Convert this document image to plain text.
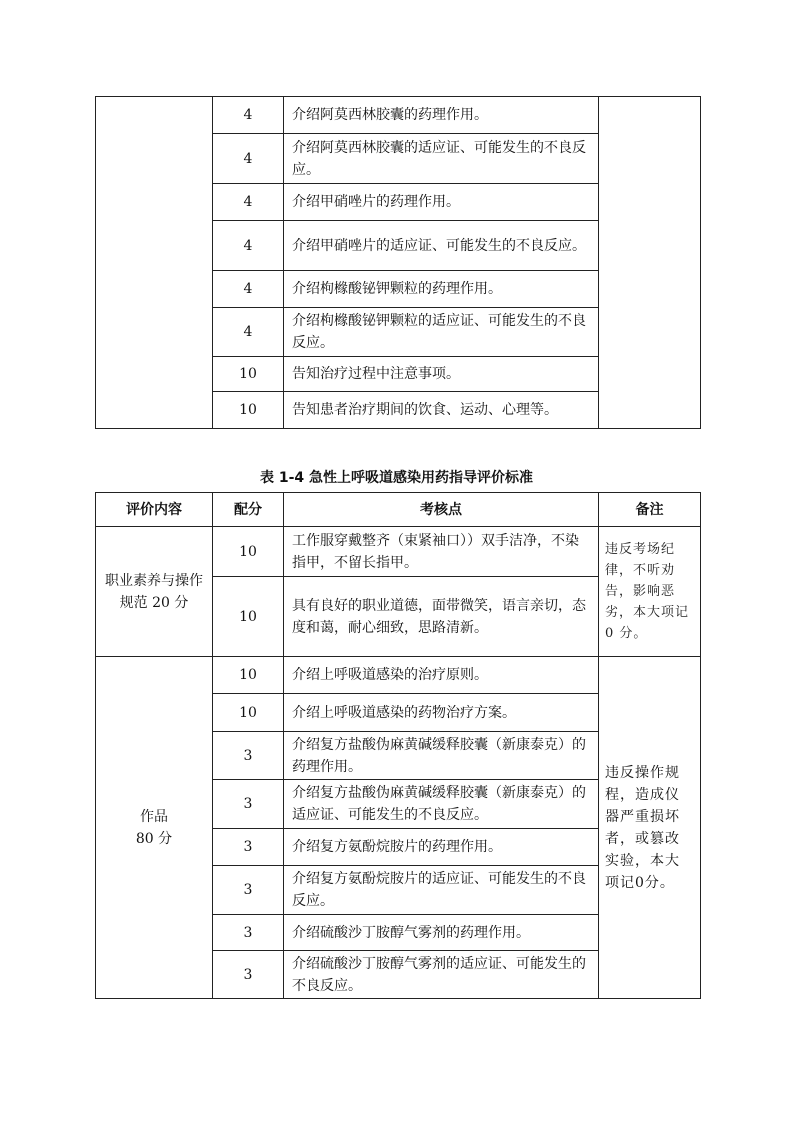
	4	介绍阿莫西林胶囊的药理作用。	
	4	介绍阿莫西林胶囊的适应证、可能发生的不良反应。	
	4	介绍甲硝唑片的药理作用。	
	4	介绍甲硝唑片的适应证、可能发生的不良反应。	
	4	介绍枸橼酸铋钾颗粒的药理作用。	
	4	介绍枸橼酸铋钾颗粒的适应证、可能发生的不良反应。	
	10	告知治疗过程中注意事项。	
	10	告知患者治疗期间的饮食、运动、心理等。	
表 1-4 急性上呼吸道感染用药指导评价标准
评价内容	配分	考核点	备注
职业素养与操作规范 20 分	10	工作服穿戴整齐（束紧袖口））双手洁净，不染指甲，不留长指甲。	违反考场纪律，不听劝告，影响恶劣，本大项记 0 分。
	10	具有良好的职业道德，面带微笑，语言亲切，态度和蔼，耐心细致，思路清新。	

作品
80 分	10	介绍上呼吸道感染的治疗原则。	违反操作规程，造成仪器严重损坏者，或篡改实验，本大项记0分。
	10	介绍上呼吸道感染的药物治疗方案。	
	3	介绍复方盐酸伪麻黄碱缓释胶囊（新康泰克）的药理作用。	
	3	介绍复方盐酸伪麻黄碱缓释胶囊（新康泰克）的适应证、可能发生的不良反应。	
	3	介绍复方氨酚烷胺片的药理作用。	
	3	介绍复方氨酚烷胺片的适应证、可能发生的不良反应。	
	3	介绍硫酸沙丁胺醇气雾剂的药理作用。	
	3	介绍硫酸沙丁胺醇气雾剂的适应证、可能发生的不良反应。	
